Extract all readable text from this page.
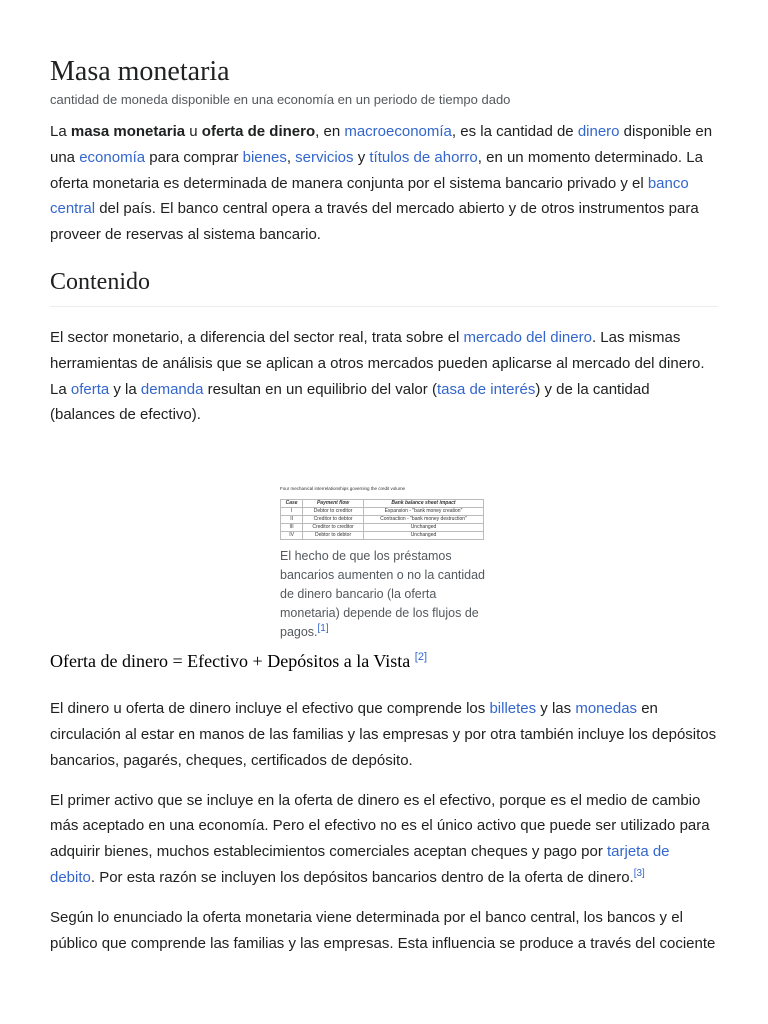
Masa monetaria
cantidad de moneda disponible en una economía en un periodo de tiempo dado

La masa monetaria u oferta de dinero, en macroeconomía, es la cantidad de dinero disponible en una economía para comprar bienes, servicios y títulos de ahorro, en un momento determinado. La oferta monetaria es determinada de manera conjunta por el sistema bancario privado y el banco central del país. El banco central opera a través del mercado abierto y de otros instrumentos para proveer de reservas al sistema bancario.

Contenido

El sector monetario, a diferencia del sector real, trata sobre el mercado del dinero. Las mismas herramientas de análisis que se aplican a otros mercados pueden aplicarse al mercado del dinero. La oferta y la demanda resultan en un equilibrio del valor (tasa de interés) y de la cantidad (balances de efectivo).

Four mechanical interrelationships governing the credit volume
Case	Payment flow	Bank balance sheet impact
I	Debtor to creditor	Expansion - "bank money creation"
II	Creditor to debtor	Contraction - "bank money destruction"
III	Creditor to creditor	Unchanged
IV	Debtor to debtor	Unchanged
El hecho de que los préstamos bancarios aumenten o no la cantidad de dinero bancario (la oferta monetaria) depende de los flujos de pagos.[1]
Oferta de dinero = Efectivo + Depósitos a la Vista [2]

El dinero u oferta de dinero incluye el efectivo que comprende los billetes y las monedas en circulación al estar en manos de las familias y las empresas y por otra también incluye los depósitos bancarios, pagarés, cheques, certificados de depósito.

El primer activo que se incluye en la oferta de dinero es el efectivo, porque es el medio de cambio más aceptado en una economía. Pero el efectivo no es el único activo que puede ser utilizado para adquirir bienes, muchos establecimientos comerciales aceptan cheques y pago por tarjeta de debito. Por esta razón se incluyen los depósitos bancarios dentro de la oferta de dinero.[3]

Según lo enunciado la oferta monetaria viene determinada por el banco central, los bancos y el público que comprende las familias y las empresas. Esta influencia se produce a través del cociente
